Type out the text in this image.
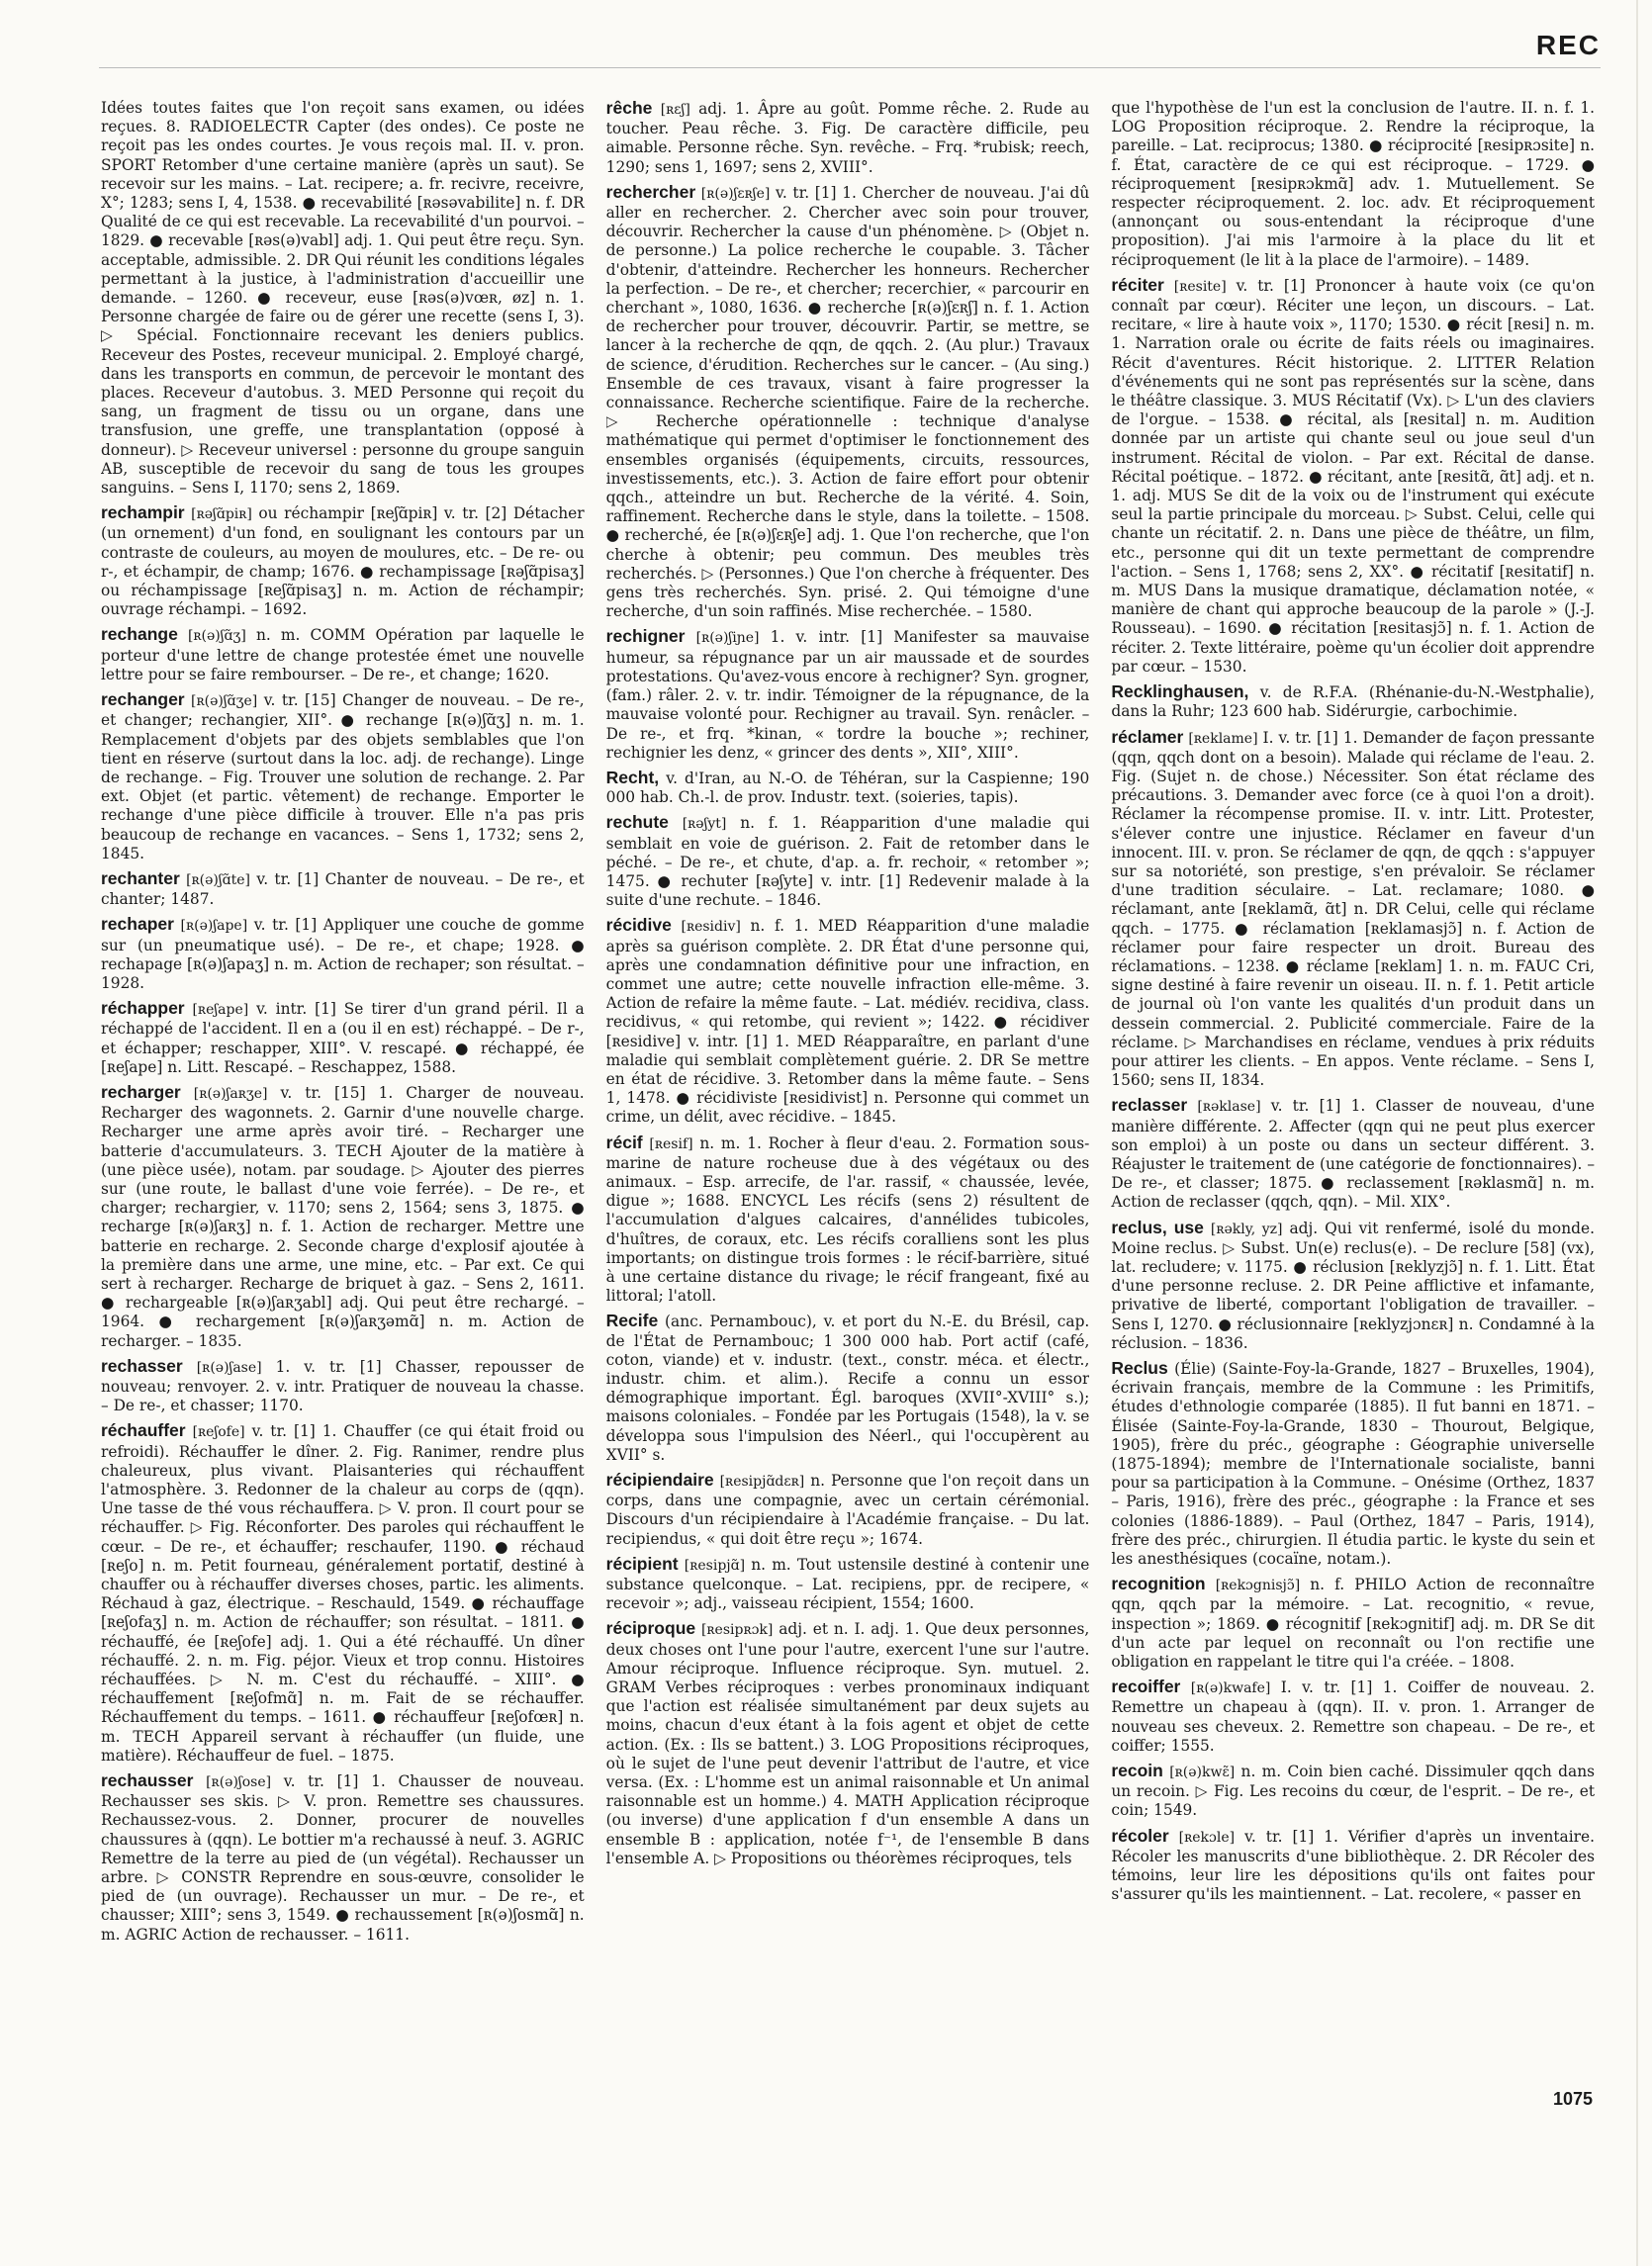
REC

Idées toutes faites que l'on reçoit sans examen, ou idées reçues. 8. RADIOELECTR Capter (des ondes). Ce poste ne reçoit pas les ondes courtes. Je vous reçois mal. II. v. pron. SPORT Retomber d'une certaine manière (après un saut). Se recevoir sur les mains. – Lat. recipere; a. fr. recivre, receivre, X°; 1283; sens I, 4, 1538. ● recevabilité [ʀəsəvabilite] n. f. DR Qualité de ce qui est recevable. La recevabilité d'un pourvoi. – 1829. ● recevable [ʀəs(ə)vabl] adj. 1. Qui peut être reçu. Syn. acceptable, admissible. 2. DR Qui réunit les conditions légales permettant à la justice, à l'administration d'accueillir une demande. – 1260. ● receveur, euse [ʀəs(ə)vœʀ, øz] n. 1. Personne chargée de faire ou de gérer une recette (sens I, 3). ▷ Spécial. Fonctionnaire recevant les deniers publics. Receveur des Postes, receveur municipal. 2. Employé chargé, dans les transports en commun, de percevoir le montant des places. Receveur d'autobus. 3. MED Personne qui reçoit du sang, un fragment de tissu ou un organe, dans une transfusion, une greffe, une transplantation (opposé à donneur). ▷ Receveur universel : personne du groupe sanguin AB, susceptible de recevoir du sang de tous les groupes sanguins. – Sens I, 1170; sens 2, 1869.

rechampir [ʀəʃɑ̃piʀ] ou réchampir [ʀeʃɑ̃piʀ] v. tr. [2] Détacher (un ornement) d'un fond, en soulignant les contours par un contraste de couleurs, au moyen de moulures, etc. – De re- ou r-, et échampir, de champ; 1676. ● rechampissage [ʀəʃɑ̃pisaʒ] ou réchampissage [ʀeʃɑ̃pisaʒ] n. m. Action de réchampir; ouvrage réchampi. – 1692.

rechange [ʀ(ə)ʃɑ̃ʒ] n. m. COMM Opération par laquelle le porteur d'une lettre de change protestée émet une nouvelle lettre pour se faire rembourser. – De re-, et change; 1620.

rechanger [ʀ(ə)ʃɑ̃ʒe] v. tr. [15] Changer de nouveau. – De re-, et changer; rechangier, XII°. ● rechange [ʀ(ə)ʃɑ̃ʒ] n. m. 1. Remplacement d'objets par des objets semblables que l'on tient en réserve (surtout dans la loc. adj. de rechange). Linge de rechange. – Fig. Trouver une solution de rechange. 2. Par ext. Objet (et partic. vêtement) de rechange. Emporter le rechange d'une pièce difficile à trouver. Elle n'a pas pris beaucoup de rechange en vacances. – Sens 1, 1732; sens 2, 1845.

rechanter [ʀ(ə)ʃɑ̃te] v. tr. [1] Chanter de nouveau. – De re-, et chanter; 1487.

rechaper [ʀ(ə)ʃape] v. tr. [1] Appliquer une couche de gomme sur (un pneumatique usé). – De re-, et chape; 1928. ● rechapage [ʀ(ə)ʃapaʒ] n. m. Action de rechaper; son résultat. – 1928.

réchapper [ʀeʃape] v. intr. [1] Se tirer d'un grand péril. Il a réchappé de l'accident. Il en a (ou il en est) réchappé. – De r-, et échapper; reschapper, XIII°. V. rescapé. ● réchappé, ée [ʀeʃape] n. Litt. Rescapé. – Reschappez, 1588.

recharger [ʀ(ə)ʃaʀʒe] v. tr. [15] 1. Charger de nouveau. Recharger des wagonnets. 2. Garnir d'une nouvelle charge. Recharger une arme après avoir tiré. – Recharger une batterie d'accumulateurs. 3. TECH Ajouter de la matière à (une pièce usée), notam. par soudage. ▷ Ajouter des pierres sur (une route, le ballast d'une voie ferrée). – De re-, et charger; rechargier, v. 1170; sens 2, 1564; sens 3, 1875. ● recharge [ʀ(ə)ʃaʀʒ] n. f. 1. Action de recharger. Mettre une batterie en recharge. 2. Seconde charge d'explosif ajoutée à la première dans une arme, une mine, etc. – Par ext. Ce qui sert à recharger. Recharge de briquet à gaz. – Sens 2, 1611. ● rechargeable [ʀ(ə)ʃaʀʒabl] adj. Qui peut être rechargé. – 1964. ● rechargement [ʀ(ə)ʃaʀʒəmɑ̃] n. m. Action de recharger. – 1835.

rechasser [ʀ(ə)ʃase] 1. v. tr. [1] Chasser, repousser de nouveau; renvoyer. 2. v. intr. Pratiquer de nouveau la chasse. – De re-, et chasser; 1170.

réchauffer [ʀeʃofe] v. tr. [1] 1. Chauffer (ce qui était froid ou refroidi). Réchauffer le dîner. 2. Fig. Ranimer, rendre plus chaleureux, plus vivant. Plaisanteries qui réchauffent l'atmosphère. 3. Redonner de la chaleur au corps de (qqn). Une tasse de thé vous réchauffera. ▷ V. pron. Il court pour se réchauffer. ▷ Fig. Réconforter. Des paroles qui réchauffent le cœur. – De re-, et échauffer; reschaufer, 1190. ● réchaud [ʀeʃo] n. m. Petit fourneau, généralement portatif, destiné à chauffer ou à réchauffer diverses choses, partic. les aliments. Réchaud à gaz, électrique. – Reschauld, 1549. ● réchauffage [ʀeʃofaʒ] n. m. Action de réchauffer; son résultat. – 1811. ● réchauffé, ée [ʀeʃofe] adj. 1. Qui a été réchauffé. Un dîner réchauffé. 2. n. m. Fig. péjor. Vieux et trop connu. Histoires réchauffées. ▷ N. m. C'est du réchauffé. – XIII°. ● réchauffement [ʀeʃofmɑ̃] n. m. Fait de se réchauffer. Réchauffement du temps. – 1611. ● réchauffeur [ʀeʃofœʀ] n. m. TECH Appareil servant à réchauffer (un fluide, une matière). Réchauffeur de fuel. – 1875.

rechausser [ʀ(ə)ʃose] v. tr. [1] 1. Chausser de nouveau. Rechausser ses skis. ▷ V. pron. Remettre ses chaussures. Rechaussez-vous. 2. Donner, procurer de nouvelles chaussures à (qqn). Le bottier m'a rechaussé à neuf. 3. AGRIC Remettre de la terre au pied de (un végétal). Rechausser un arbre. ▷ CONSTR Reprendre en sous-œuvre, consolider le pied de (un ouvrage). Rechausser un mur. – De re-, et chausser; XIII°; sens 3, 1549. ● rechaussement [ʀ(ə)ʃosmɑ̃] n. m. AGRIC Action de rechausser. – 1611.

rêche [ʀɛʃ] adj. 1. Âpre au goût. Pomme rêche. 2. Rude au toucher. Peau rêche. 3. Fig. De caractère difficile, peu aimable. Personne rêche. Syn. revêche. – Frq. *rubisk; reech, 1290; sens 1, 1697; sens 2, XVIII°.

rechercher [ʀ(ə)ʃɛʀʃe] v. tr. [1] 1. Chercher de nouveau. J'ai dû aller en rechercher. 2. Chercher avec soin pour trouver, découvrir. Rechercher la cause d'un phénomène. ▷ (Objet n. de personne.) La police recherche le coupable. 3. Tâcher d'obtenir, d'atteindre. Rechercher les honneurs. Rechercher la perfection. – De re-, et chercher; recerchier, « parcourir en cherchant », 1080, 1636. ● recherche [ʀ(ə)ʃɛʀʃ] n. f. 1. Action de rechercher pour trouver, découvrir. Partir, se mettre, se lancer à la recherche de qqn, de qqch. 2. (Au plur.) Travaux de science, d'érudition. Recherches sur le cancer. – (Au sing.) Ensemble de ces travaux, visant à faire progresser la connaissance. Recherche scientifique. Faire de la recherche. ▷ Recherche opérationnelle : technique d'analyse mathématique qui permet d'optimiser le fonctionnement des ensembles organisés (équipements, circuits, ressources, investissements, etc.). 3. Action de faire effort pour obtenir qqch., atteindre un but. Recherche de la vérité. 4. Soin, raffinement. Recherche dans le style, dans la toilette. – 1508. ● recherché, ée [ʀ(ə)ʃɛʀʃe] adj. 1. Que l'on recherche, que l'on cherche à obtenir; peu commun. Des meubles très recherchés. ▷ (Personnes.) Que l'on cherche à fréquenter. Des gens très recherchés. Syn. prisé. 2. Qui témoigne d'une recherche, d'un soin raffinés. Mise recherchée. – 1580.

rechigner [ʀ(ə)ʃiɲe] 1. v. intr. [1] Manifester sa mauvaise humeur, sa répugnance par un air maussade et de sourdes protestations. Qu'avez-vous encore à rechigner? Syn. grogner, (fam.) râler. 2. v. tr. indir. Témoigner de la répugnance, de la mauvaise volonté pour. Rechigner au travail. Syn. renâcler. – De re-, et frq. *kinan, « tordre la bouche »; rechiner, rechignier les denz, « grincer des dents », XII°, XIII°.

Recht, v. d'Iran, au N.-O. de Téhéran, sur la Caspienne; 190 000 hab. Ch.-l. de prov. Industr. text. (soieries, tapis).

rechute [ʀəʃyt] n. f. 1. Réapparition d'une maladie qui semblait en voie de guérison. 2. Fait de retomber dans le péché. – De re-, et chute, d'ap. a. fr. rechoir, « retomber »; 1475. ● rechuter [ʀəʃyte] v. intr. [1] Redevenir malade à la suite d'une rechute. – 1846.

récidive [ʀesidiv] n. f. 1. MED Réapparition d'une maladie après sa guérison complète. 2. DR État d'une personne qui, après une condamnation définitive pour une infraction, en commet une autre; cette nouvelle infraction elle-même. 3. Action de refaire la même faute. – Lat. médiév. recidiva, class. recidivus, « qui retombe, qui revient »; 1422. ● récidiver [ʀesidive] v. intr. [1] 1. MED Réapparaître, en parlant d'une maladie qui semblait complètement guérie. 2. DR Se mettre en état de récidive. 3. Retomber dans la même faute. – Sens 1, 1478. ● récidiviste [ʀesidivist] n. Personne qui commet un crime, un délit, avec récidive. – 1845.

récif [ʀesif] n. m. 1. Rocher à fleur d'eau. 2. Formation sous-marine de nature rocheuse due à des végétaux ou des animaux. – Esp. arrecife, de l'ar. rassif, « chaussée, levée, digue »; 1688. ENCYCL Les récifs (sens 2) résultent de l'accumulation d'algues calcaires, d'annélides tubicoles, d'huîtres, de coraux, etc. Les récifs coralliens sont les plus importants; on distingue trois formes : le récif-barrière, situé à une certaine distance du rivage; le récif frangeant, fixé au littoral; l'atoll.

Recife (anc. Pernambouc), v. et port du N.-E. du Brésil, cap. de l'État de Pernambouc; 1 300 000 hab. Port actif (café, coton, viande) et v. industr. (text., constr. méca. et électr., industr. chim. et alim.). Recife a connu un essor démographique important. Égl. baroques (XVII°-XVIII° s.); maisons coloniales. – Fondée par les Portugais (1548), la v. se développa sous l'impulsion des Néerl., qui l'occupèrent au XVII° s.

récipiendaire [ʀesipjɑ̃dɛʀ] n. Personne que l'on reçoit dans un corps, dans une compagnie, avec un certain cérémonial. Discours d'un récipiendaire à l'Académie française. – Du lat. recipiendus, « qui doit être reçu »; 1674.

récipient [ʀesipjɑ̃] n. m. Tout ustensile destiné à contenir une substance quelconque. – Lat. recipiens, ppr. de recipere, « recevoir »; adj., vaisseau récipient, 1554; 1600.

réciproque [ʀesipʀɔk] adj. et n. I. adj. 1. Que deux personnes, deux choses ont l'une pour l'autre, exercent l'une sur l'autre. Amour réciproque. Influence réciproque. Syn. mutuel. 2. GRAM Verbes réciproques : verbes pronominaux indiquant que l'action est réalisée simultanément par deux sujets au moins, chacun d'eux étant à la fois agent et objet de cette action. (Ex. : Ils se battent.) 3. LOG Propositions réciproques, où le sujet de l'une peut devenir l'attribut de l'autre, et vice versa. (Ex. : L'homme est un animal raisonnable et Un animal raisonnable est un homme.) 4. MATH Application réciproque (ou inverse) d'une application f d'un ensemble A dans un ensemble B : application, notée f⁻¹, de l'ensemble B dans l'ensemble A. ▷ Propositions ou théorèmes réciproques, tels

que l'hypothèse de l'un est la conclusion de l'autre. II. n. f. 1. LOG Proposition réciproque. 2. Rendre la réciproque, la pareille. – Lat. reciprocus; 1380. ● réciprocité [ʀesipʀɔsite] n. f. État, caractère de ce qui est réciproque. – 1729. ● réciproquement [ʀesipʀɔkmɑ̃] adv. 1. Mutuellement. Se respecter réciproquement. 2. loc. adv. Et réciproquement (annonçant ou sous-entendant la réciproque d'une proposition). J'ai mis l'armoire à la place du lit et réciproquement (le lit à la place de l'armoire). – 1489.

réciter [ʀesite] v. tr. [1] Prononcer à haute voix (ce qu'on connaît par cœur). Réciter une leçon, un discours. – Lat. recitare, « lire à haute voix », 1170; 1530. ● récit [ʀesi] n. m. 1. Narration orale ou écrite de faits réels ou imaginaires. Récit d'aventures. Récit historique. 2. LITTER Relation d'événements qui ne sont pas représentés sur la scène, dans le théâtre classique. 3. MUS Récitatif (Vx). ▷ L'un des claviers de l'orgue. – 1538. ● récital, als [ʀesital] n. m. Audition donnée par un artiste qui chante seul ou joue seul d'un instrument. Récital de violon. – Par ext. Récital de danse. Récital poétique. – 1872. ● récitant, ante [ʀesitɑ̃, ɑ̃t] adj. et n. 1. adj. MUS Se dit de la voix ou de l'instrument qui exécute seul la partie principale du morceau. ▷ Subst. Celui, celle qui chante un récitatif. 2. n. Dans une pièce de théâtre, un film, etc., personne qui dit un texte permettant de comprendre l'action. – Sens 1, 1768; sens 2, XX°. ● récitatif [ʀesitatif] n. m. MUS Dans la musique dramatique, déclamation notée, « manière de chant qui approche beaucoup de la parole » (J.-J. Rousseau). – 1690. ● récitation [ʀesitasjɔ̃] n. f. 1. Action de réciter. 2. Texte littéraire, poème qu'un écolier doit apprendre par cœur. – 1530.

Recklinghausen, v. de R.F.A. (Rhénanie-du-N.-Westphalie), dans la Ruhr; 123 600 hab. Sidérurgie, carbochimie.

réclamer [ʀeklame] I. v. tr. [1] 1. Demander de façon pressante (qqn, qqch dont on a besoin). Malade qui réclame de l'eau. 2. Fig. (Sujet n. de chose.) Nécessiter. Son état réclame des précautions. 3. Demander avec force (ce à quoi l'on a droit). Réclamer la récompense promise. II. v. intr. Litt. Protester, s'élever contre une injustice. Réclamer en faveur d'un innocent. III. v. pron. Se réclamer de qqn, de qqch : s'appuyer sur sa notoriété, son prestige, s'en prévaloir. Se réclamer d'une tradition séculaire. – Lat. reclamare; 1080. ● réclamant, ante [ʀeklamɑ̃, ɑ̃t] n. DR Celui, celle qui réclame qqch. – 1775. ● réclamation [ʀeklamasjɔ̃] n. f. Action de réclamer pour faire respecter un droit. Bureau des réclamations. – 1238. ● réclame [ʀeklam] 1. n. m. FAUC Cri, signe destiné à faire revenir un oiseau. II. n. f. 1. Petit article de journal où l'on vante les qualités d'un produit dans un dessein commercial. 2. Publicité commerciale. Faire de la réclame. ▷ Marchandises en réclame, vendues à prix réduits pour attirer les clients. – En appos. Vente réclame. – Sens I, 1560; sens II, 1834.

reclasser [ʀəklase] v. tr. [1] 1. Classer de nouveau, d'une manière différente. 2. Affecter (qqn qui ne peut plus exercer son emploi) à un poste ou dans un secteur différent. 3. Réajuster le traitement de (une catégorie de fonctionnaires). – De re-, et classer; 1875. ● reclassement [ʀəklasmɑ̃] n. m. Action de reclasser (qqch, qqn). – Mil. XIX°.

reclus, use [ʀəkly, yz] adj. Qui vit renfermé, isolé du monde. Moine reclus. ▷ Subst. Un(e) reclus(e). – De reclure [58] (vx), lat. recludere; v. 1175. ● réclusion [ʀeklyzjɔ̃] n. f. 1. Litt. État d'une personne recluse. 2. DR Peine afflictive et infamante, privative de liberté, comportant l'obligation de travailler. – Sens I, 1270. ● réclusionnaire [ʀeklyzjɔnɛʀ] n. Condamné à la réclusion. – 1836.

Reclus (Élie) (Sainte-Foy-la-Grande, 1827 – Bruxelles, 1904), écrivain français, membre de la Commune : les Primitifs, études d'ethnologie comparée (1885). Il fut banni en 1871. – Élisée (Sainte-Foy-la-Grande, 1830 – Thourout, Belgique, 1905), frère du préc., géographe : Géographie universelle (1875-1894); membre de l'Internationale socialiste, banni pour sa participation à la Commune. – Onésime (Orthez, 1837 – Paris, 1916), frère des préc., géographe : la France et ses colonies (1886-1889). – Paul (Orthez, 1847 – Paris, 1914), frère des préc., chirurgien. Il étudia partic. le kyste du sein et les anesthésiques (cocaïne, notam.).

recognition [ʀekɔgnisjɔ̃] n. f. PHILO Action de reconnaître qqn, qqch par la mémoire. – Lat. recognitio, « revue, inspection »; 1869. ● récognitif [ʀekɔgnitif] adj. m. DR Se dit d'un acte par lequel on reconnaît ou l'on rectifie une obligation en rappelant le titre qui l'a créée. – 1808.

recoiffer [ʀ(ə)kwafe] I. v. tr. [1] 1. Coiffer de nouveau. 2. Remettre un chapeau à (qqn). II. v. pron. 1. Arranger de nouveau ses cheveux. 2. Remettre son chapeau. – De re-, et coiffer; 1555.

recoin [ʀ(ə)kwɛ̃] n. m. Coin bien caché. Dissimuler qqch dans un recoin. ▷ Fig. Les recoins du cœur, de l'esprit. – De re-, et coin; 1549.

récoler [ʀekɔle] v. tr. [1] 1. Vérifier d'après un inventaire. Récoler les manuscrits d'une bibliothèque. 2. DR Récoler des témoins, leur lire les dépositions qu'ils ont faites pour s'assurer qu'ils les maintiennent. – Lat. recolere, « passer en

1075
